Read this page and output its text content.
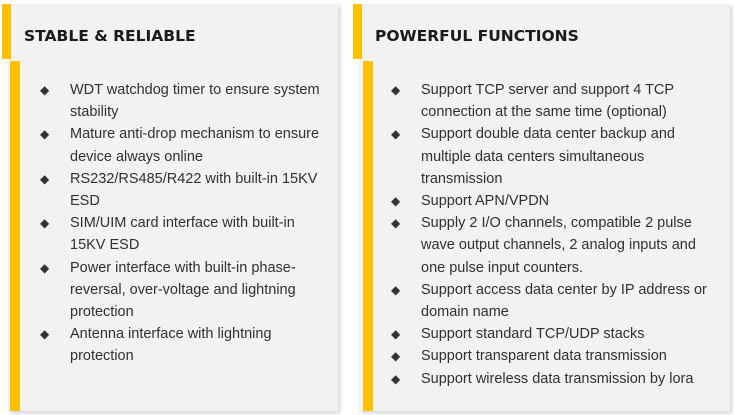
STABLE & RELIABLE
◆ WDT watchdog timer to ensure system stability
◆ Mature anti-drop mechanism to ensure device always online
◆ RS232/RS485/R422 with built-in 15KV ESD
◆ SIM/UIM card interface with built-in 15KV ESD
◆ Power interface with built-in phase-reversal, over-voltage and lightning protection
◆ Antenna interface with lightning protection
POWERFUL FUNCTIONS
◆ Support TCP server and support 4 TCP connection at the same time (optional)
◆ Support double data center backup and multiple data centers simultaneous transmission
◆ Support APN/VPDN
◆ Supply 2 I/O channels, compatible 2 pulse wave output channels, 2 analog inputs and one pulse input counters.
◆ Support access data center by IP address or domain name
◆ Support standard TCP/UDP stacks
◆ Support transparent data transmission
◆ Support wireless data transmission by lora
